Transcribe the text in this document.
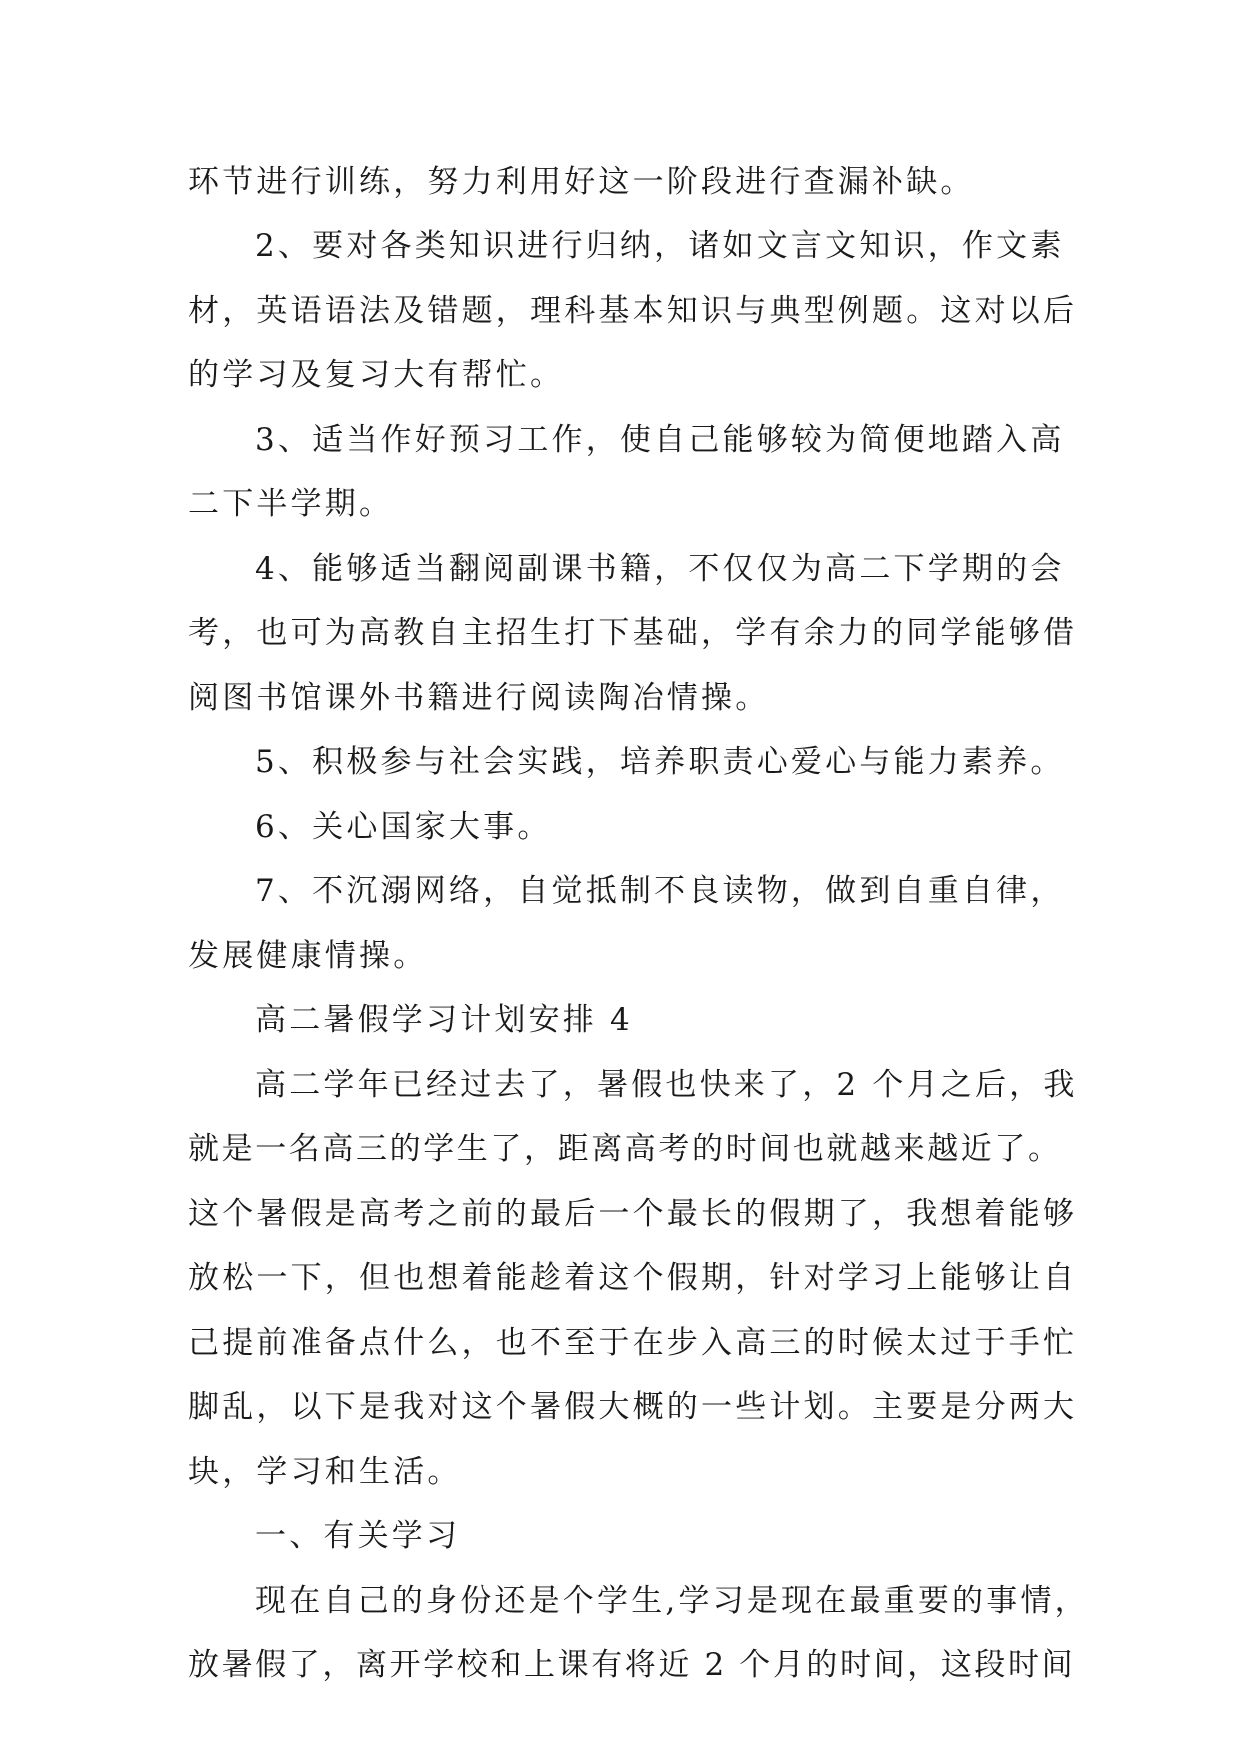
环节进行训练，努力利用好这一阶段进行查漏补缺。
2、要对各类知识进行归纳，诸如文言文知识，作文素
材，英语语法及错题，理科基本知识与典型例题。这对以后
的学习及复习大有帮忙。
3、适当作好预习工作，使自己能够较为简便地踏入高
二下半学期。
4、能够适当翻阅副课书籍，不仅仅为高二下学期的会
考，也可为高教自主招生打下基础，学有余力的同学能够借
阅图书馆课外书籍进行阅读陶冶情操。
5、积极参与社会实践，培养职责心爱心与能力素养。
6、关心国家大事。
7、不沉溺网络，自觉抵制不良读物，做到自重自律，
发展健康情操。
高二暑假学习计划安排 4
高二学年已经过去了，暑假也快来了，2 个月之后，我
就是一名高三的学生了，距离高考的时间也就越来越近了。
这个暑假是高考之前的最后一个最长的假期了，我想着能够
放松一下，但也想着能趁着这个假期，针对学习上能够让自
己提前准备点什么，也不至于在步入高三的时候太过于手忙
脚乱，以下是我对这个暑假大概的一些计划。主要是分两大
块，学习和生活。
一、有关学习
现在自己的身份还是个学生,学习是现在最重要的事情，
放暑假了，离开学校和上课有将近 2 个月的时间，这段时间
